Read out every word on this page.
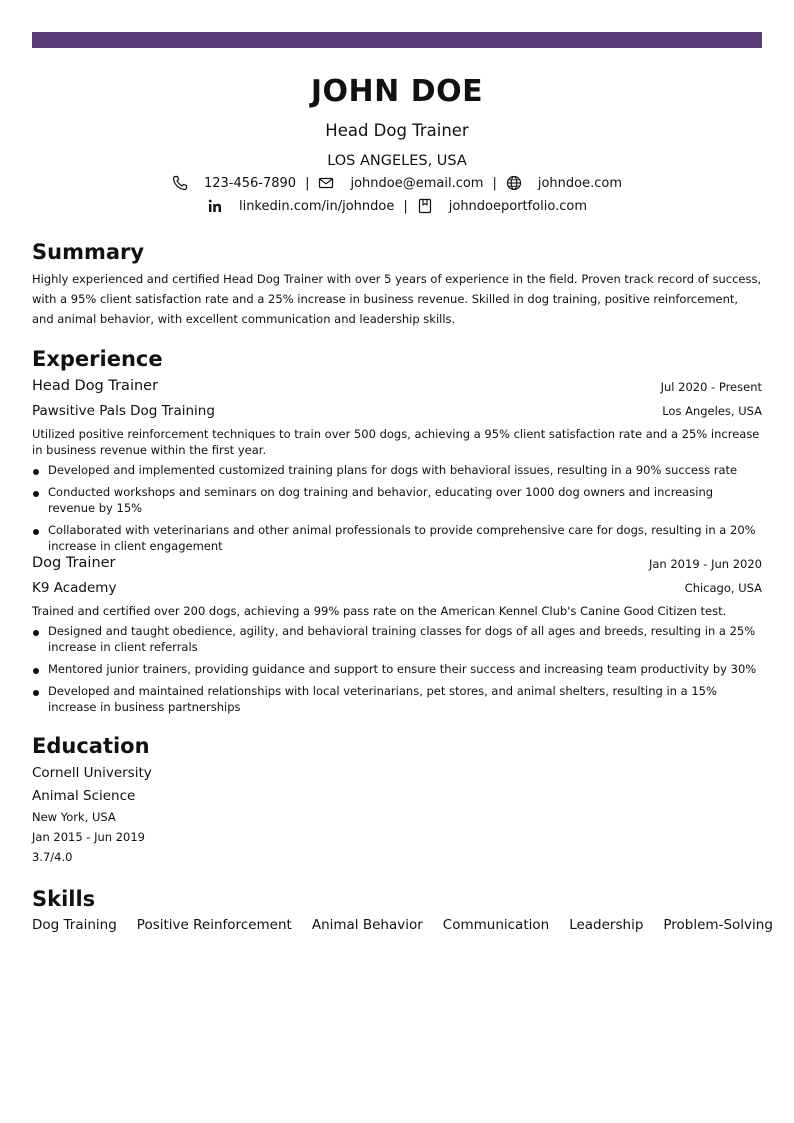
JOHN DOE
Head Dog Trainer
LOS ANGELES, USA
123-456-7890 |	johndoe@email.com |	johndoe.com
linkedin.com/in/johndoe |	johndoeportfolio.com
Summary
Highly experienced and certified Head Dog Trainer with over 5 years of experience in the field. Proven track record of success, with a 95% client satisfaction rate and a 25% increase in business revenue. Skilled in dog training, positive reinforcement, and animal behavior, with excellent communication and leadership skills.
Experience
Head Dog Trainer	Jul 2020 - Present
Pawsitive Pals Dog Training	Los Angeles, USA
Utilized positive reinforcement techniques to train over 500 dogs, achieving a 95% client satisfaction rate and a 25% increase in business revenue within the first year.
Developed and implemented customized training plans for dogs with behavioral issues, resulting in a 90% success rate
Conducted workshops and seminars on dog training and behavior, educating over 1000 dog owners and increasing revenue by 15%
Collaborated with veterinarians and other animal professionals to provide comprehensive care for dogs, resulting in a 20% increase in client engagement
Dog Trainer	Jan 2019 - Jun 2020
K9 Academy	Chicago, USA
Trained and certified over 200 dogs, achieving a 99% pass rate on the American Kennel Club's Canine Good Citizen test.
Designed and taught obedience, agility, and behavioral training classes for dogs of all ages and breeds, resulting in a 25% increase in client referrals
Mentored junior trainers, providing guidance and support to ensure their success and increasing team productivity by 30%
Developed and maintained relationships with local veterinarians, pet stores, and animal shelters, resulting in a 15% increase in business partnerships
Education
Cornell University
Animal Science
New York, USA
Jan 2015 - Jun 2019
3.7/4.0
Skills
Dog Training Positive Reinforcement Animal Behavior Communication Leadership Problem-Solving
